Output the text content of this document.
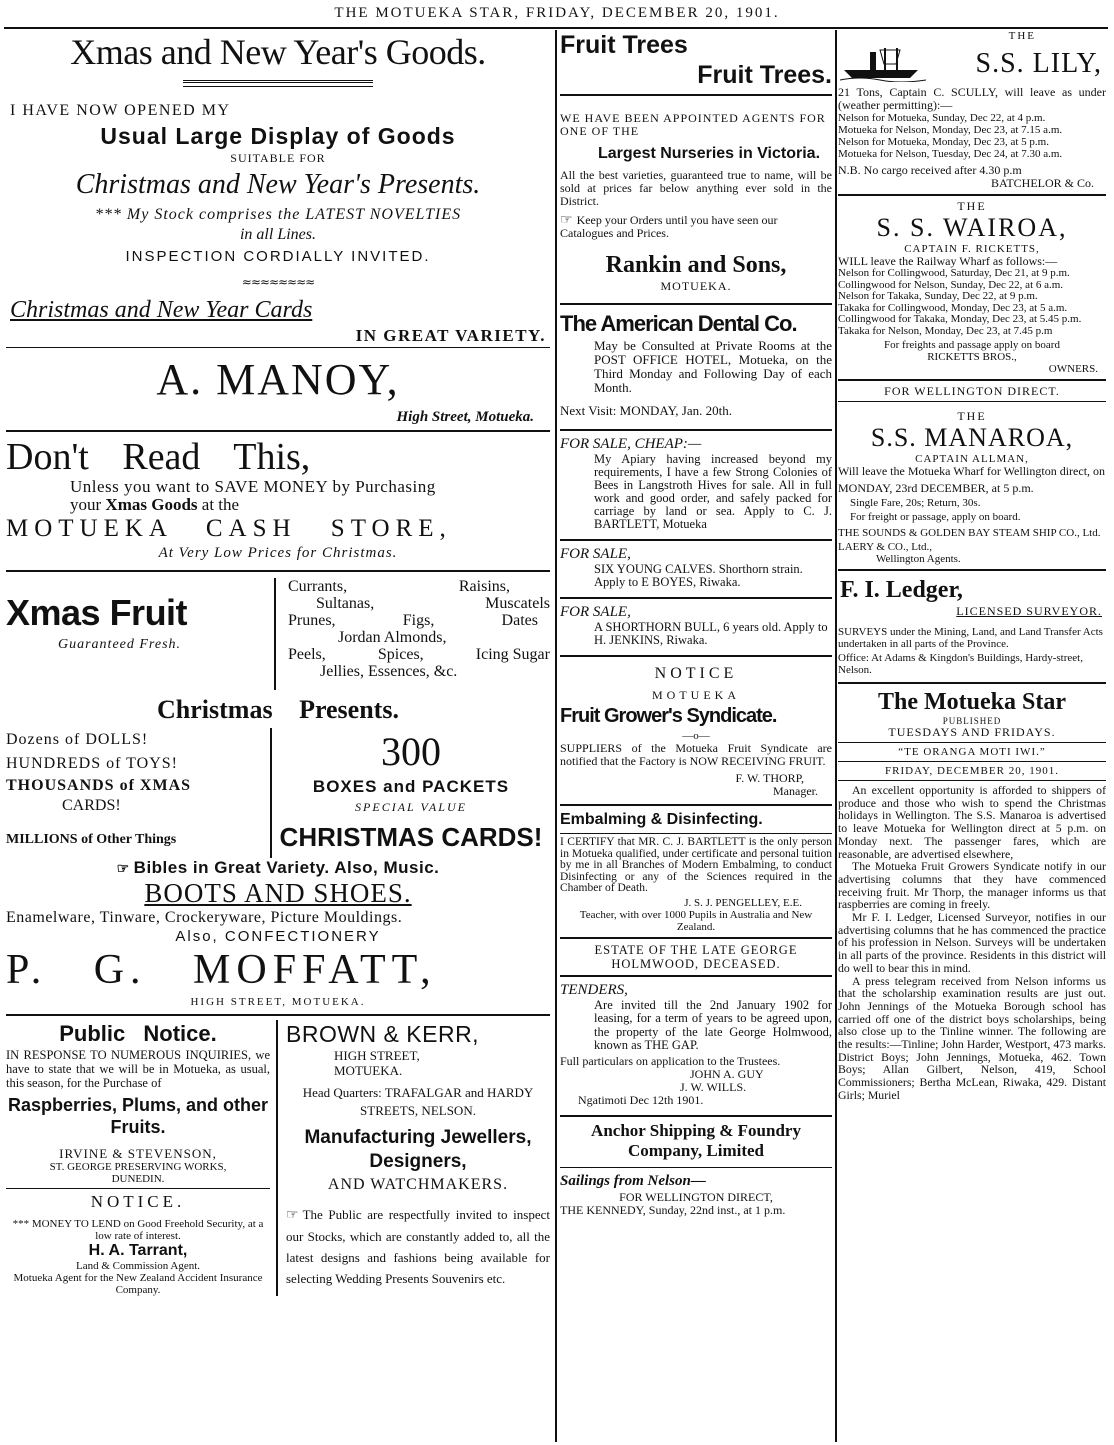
THE MOTUEKA STAR, FRIDAY, DECEMBER 20, 1901.

Xmas and New Year's Goods.

I HAVE NOW OPENED MY

Usual Large Display of Goods

SUITABLE FOR

Christmas and New Year's Presents.

*** My Stock comprises the LATEST NOVELTIES

in all Lines.

INSPECTION CORDIALLY INVITED.

≈≈≈≈≈≈≈≈

Christmas and New Year Cards

IN GREAT VARIETY.

A. MANOY,

High Street, Motueka.

Don't Read This,

Unless you want to SAVE MONEY by Purchasing

your Xmas Goods at the

MOTUEKA CASH STORE,

At Very Low Prices for Christmas.

Xmas Fruit

Guaranteed Fresh.

Currants,	Raisins,
Sultanas,	Muscatels
Prunes,	Figs,	Dates
Jordan Almonds,
Peels,	Spices,	Icing Sugar
Jellies, Essences, &c.

Christmas Presents.

Dozens of DOLLS!

HUNDREDS of TOYS!

THOUSANDS of XMAS

CARDS!

MILLIONS of Other Things

300

BOXES and PACKETS

SPECIAL VALUE

CHRISTMAS CARDS!

☞ Bibles in Great Variety. Also, Music.

BOOTS AND SHOES.

Enamelware, Tinware, Crockeryware, Picture Mouldings.

Also, CONFECTIONERY

P. G. MOFFATT,

HIGH STREET, MOTUEKA.

Public Notice.

IN RESPONSE TO NUMEROUS INQUIRIES, we have to state that we will be in Motueka, as usual, this season, for the Purchase of

Raspberries, Plums, and other Fruits.

IRVINE & STEVENSON,

ST. GEORGE PRESERVING WORKS,

DUNEDIN.

NOTICE.

*** MONEY TO LEND on Good Freehold Security, at a low rate of interest.

H. A. Tarrant,

Land & Commission Agent.

Motueka Agent for the New Zealand Accident Insurance Company.

BROWN & KERR,

HIGH STREET,

MOTUEKA.

Head Quarters: TRAFALGAR and HARDY STREETS, NELSON.

Manufacturing Jewellers, Designers,

AND WATCHMAKERS.

☞ The Public are respectfully invited to inspect our Stocks, which are constantly added to, all the latest designs and fashions being available for selecting Wedding Presents Souvenirs etc.

Fruit Trees

Fruit Trees.

WE HAVE BEEN APPOINTED AGENTS FOR ONE OF THE

Largest Nurseries in Victoria.

All the best varieties, guaranteed true to name, will be sold at prices far below anything ever sold in the District.

☞ Keep your Orders until you have seen our Catalogues and Prices.

Rankin and Sons,

MOTUEKA.

The American Dental Co.

May be Consulted at Private Rooms at the POST OFFICE HOTEL, Motueka, on the Third Monday and Following Day of each Month.

Next Visit: MONDAY, Jan. 20th.

FOR SALE, CHEAP:—

My Apiary having increased beyond my requirements, I have a few Strong Colonies of Bees in Langstroth Hives for sale. All in full work and good order, and safely packed for carriage by land or sea. Apply to C. J. BARTLETT, Motueka

FOR SALE,

SIX YOUNG CALVES. Shorthorn strain. Apply to E BOYES, Riwaka.

FOR SALE,

A SHORTHORN BULL, 6 years old. Apply to H. JENKINS, Riwaka.

NOTICE

MOTUEKA

Fruit Grower's Syndicate.

—o—

SUPPLIERS of the Motueka Fruit Syndicate are notified that the Factory is NOW RECEIVING FRUIT.

F. W. THORP,

Manager.

Embalming & Disinfecting.

I CERTIFY that MR. C. J. BARTLETT is the only person in Motueka qualified, under certificate and personal tuition by me in all Branches of Modern Embalming, to conduct Disinfecting or any of the Sciences required in the Chamber of Death.

J. S. J. PENGELLEY, E.E.

Teacher, with over 1000 Pupils in Australia and New Zealand.

ESTATE OF THE LATE GEORGE HOLMWOOD, DECEASED.

TENDERS,

Are invited till the 2nd January 1902 for leasing, for a term of years to be agreed upon, the property of the late George Holmwood, known as THE GAP.

Full particulars on application to the Trustees.

JOHN A. GUY

J. W. WILLS.

Ngatimoti Dec 12th 1901.

Anchor Shipping & Foundry Company, Limited

Sailings from Nelson—

FOR WELLINGTON DIRECT,

THE KENNEDY, Sunday, 22nd inst., at 1 p.m.

THE

S.S. LILY,

21 Tons, Captain C. SCULLY, will leave as under (weather permitting):—

Nelson for Motueka, Sunday, Dec 22, at 4 p.m.

Motueka for Nelson, Monday, Dec 23, at 7.15 a.m.

Nelson for Motueka, Monday, Dec 23, at 5 p.m.

Motueka for Nelson, Tuesday, Dec 24, at 7.30 a.m.

N.B. No cargo received after 4.30 p.m

BATCHELOR & Co.

THE

S. S. WAIROA,

CAPTAIN F. RICKETTS,

WILL leave the Railway Wharf as follows:—

Nelson for Collingwood, Saturday, Dec 21, at 9 p.m.

Collingwood for Nelson, Sunday, Dec 22, at 6 a.m.

Nelson for Takaka, Sunday, Dec 22, at 9 p.m.

Takaka for Collingwood, Monday, Dec 23, at 5 a.m.

Collingwood for Takaka, Monday, Dec 23, at 5.45 p.m.

Takaka for Nelson, Monday, Dec 23, at 7.45 p.m

For freights and passage apply on board

RICKETTS BROS.,

OWNERS.

FOR WELLINGTON DIRECT.

THE

S.S. MANAROA,

CAPTAIN ALLMAN,

Will leave the Motueka Wharf for Wellington direct, on

MONDAY, 23rd DECEMBER, at 5 p.m.

Single Fare, 20s; Return, 30s.

For freight or passage, apply on board.

THE SOUNDS & GOLDEN BAY STEAM SHIP CO., Ltd.

LAERY & CO., Ltd.,

Wellington Agents.

F. I. Ledger,

LICENSED SURVEYOR.

SURVEYS under the Mining, Land, and Land Transfer Acts undertaken in all parts of the Province.

Office: At Adams & Kingdon's Buildings, Hardy-street, Nelson.

The Motueka Star

PUBLISHED

TUESDAYS AND FRIDAYS.

“TE ORANGA MOTI IWI.”

FRIDAY, DECEMBER 20, 1901.

An excellent opportunity is afforded to shippers of produce and those who wish to spend the Christmas holidays in Wellington. The S.S. Manaroa is advertised to leave Motueka for Wellington direct at 5 p.m. on Monday next. The passenger fares, which are reasonable, are advertised elsewhere,

The Motueka Fruit Growers Syndicate notify in our advertising columns that they have commenced receiving fruit. Mr Thorp, the manager informs us that raspberries are coming in freely.

Mr F. I. Ledger, Licensed Surveyor, notifies in our advertising columns that he has commenced the practice of his profession in Nelson. Surveys will be undertaken in all parts of the province. Residents in this district will do well to bear this in mind.

A press telegram received from Nelson informs us that the scholarship examination results are just out. John Jennings of the Motueka Borough school has carried off one of the district boys scholarships, being also close up to the Tinline winner. The following are the results:—Tinline; John Harder, Westport, 473 marks. District Boys; John Jennings, Motueka, 462. Town Boys; Allan Gilbert, Nelson, 419, School Commissioners; Bertha McLean, Riwaka, 429. Distant Girls; Muriel
